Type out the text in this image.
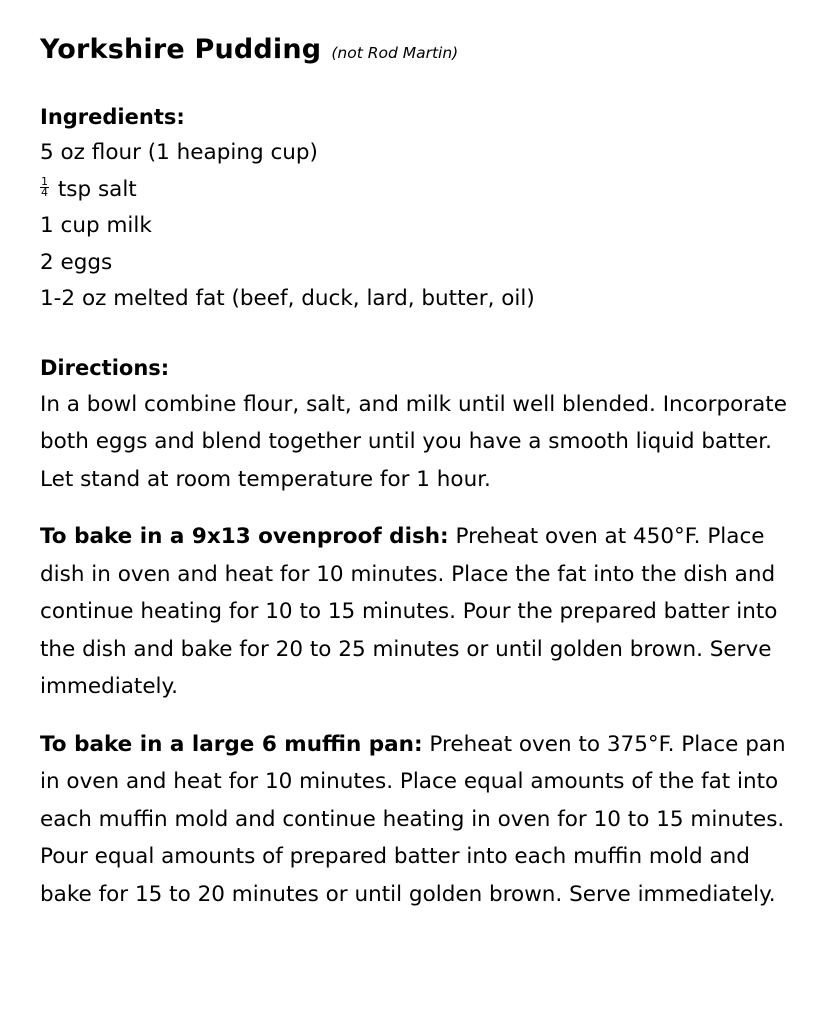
Yorkshire Pudding (not Rod Martin)
Ingredients:
5 oz flour (1 heaping cup)
$\frac{1}{4}$ tsp salt
1 cup milk
2 eggs
1-2 oz melted fat (beef, duck, lard, butter, oil)
Directions:
In a bowl combine flour, salt, and milk until well blended. Incorporate both eggs and blend together until you have a smooth liquid batter. Let stand at room temperature for 1 hour.
To bake in a 9x13 ovenproof dish: Preheat oven at 450°F. Place dish in oven and heat for 10 minutes. Place the fat into the dish and continue heating for 10 to 15 minutes. Pour the prepared batter into the dish and bake for 20 to 25 minutes or until golden brown. Serve immediately.
To bake in a large 6 muffin pan: Preheat oven to 375°F. Place pan in oven and heat for 10 minutes. Place equal amounts of the fat into each muffin mold and continue heating in oven for 10 to 15 minutes. Pour equal amounts of prepared batter into each muffin mold and bake for 15 to 20 minutes or until golden brown. Serve immediately.
